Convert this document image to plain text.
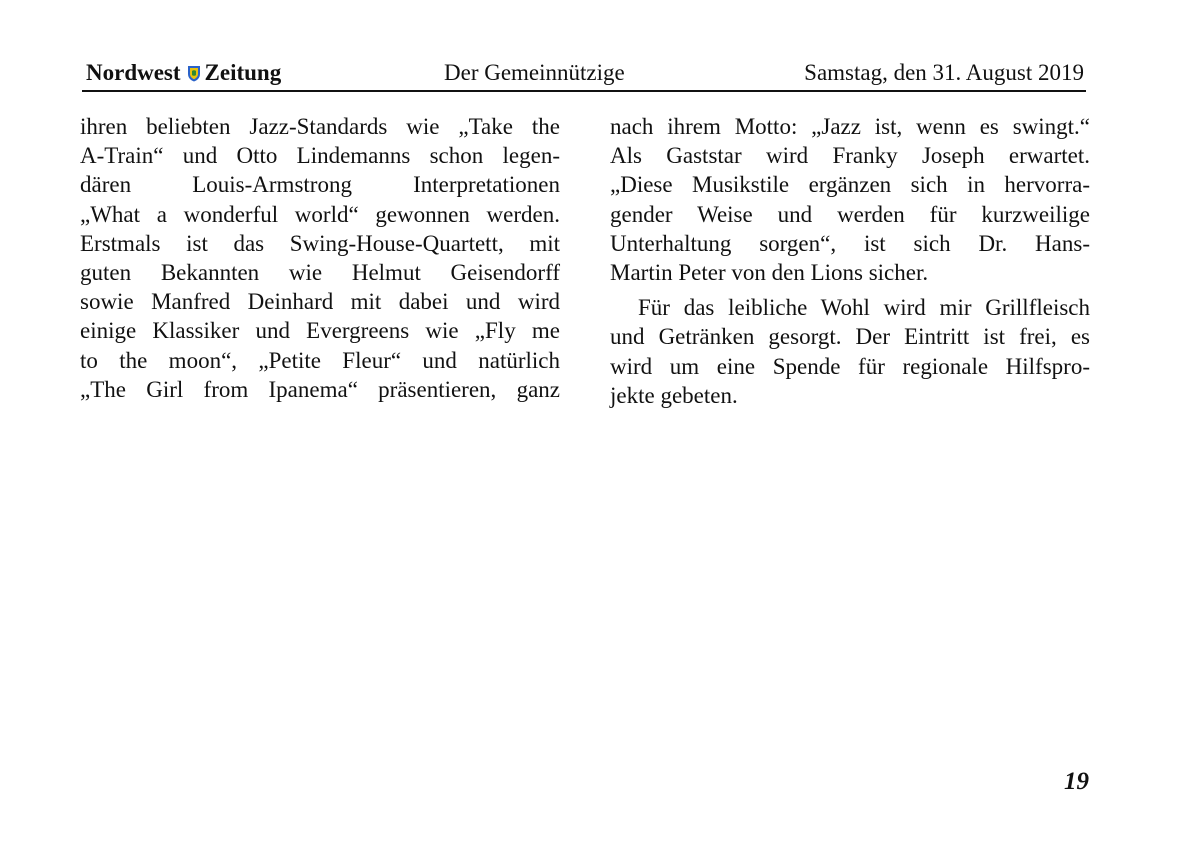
Nordwest Zeitung	Der Gemeinnützige	Samstag, den 31. August 2019
ihren beliebten Jazz-Standards wie „Take the
A-Train“ und Otto Lindemanns schon legen-
dären Louis-Armstrong Interpretationen
„What a wonderful world“ gewonnen werden.
Erstmals ist das Swing-House-Quartett, mit
guten Bekannten wie Helmut Geisendorff
sowie Manfred Deinhard mit dabei und wird
einige Klassiker und Evergreens wie „Fly me
to the moon“, „Petite Fleur“ und natürlich
„The Girl from Ipanema“ präsentieren, ganz
nach ihrem Motto: „Jazz ist, wenn es swingt.“
Als Gaststar wird Franky Joseph erwartet.
„Diese Musikstile ergänzen sich in hervorra-
gender Weise und werden für kurzweilige
Unterhaltung sorgen“, ist sich Dr. Hans-
Martin Peter von den Lions sicher.
Für das leibliche Wohl wird mir Grillfleisch
und Getränken gesorgt. Der Eintritt ist frei, es
wird um eine Spende für regionale Hilfspro-
jekte gebeten.
19
